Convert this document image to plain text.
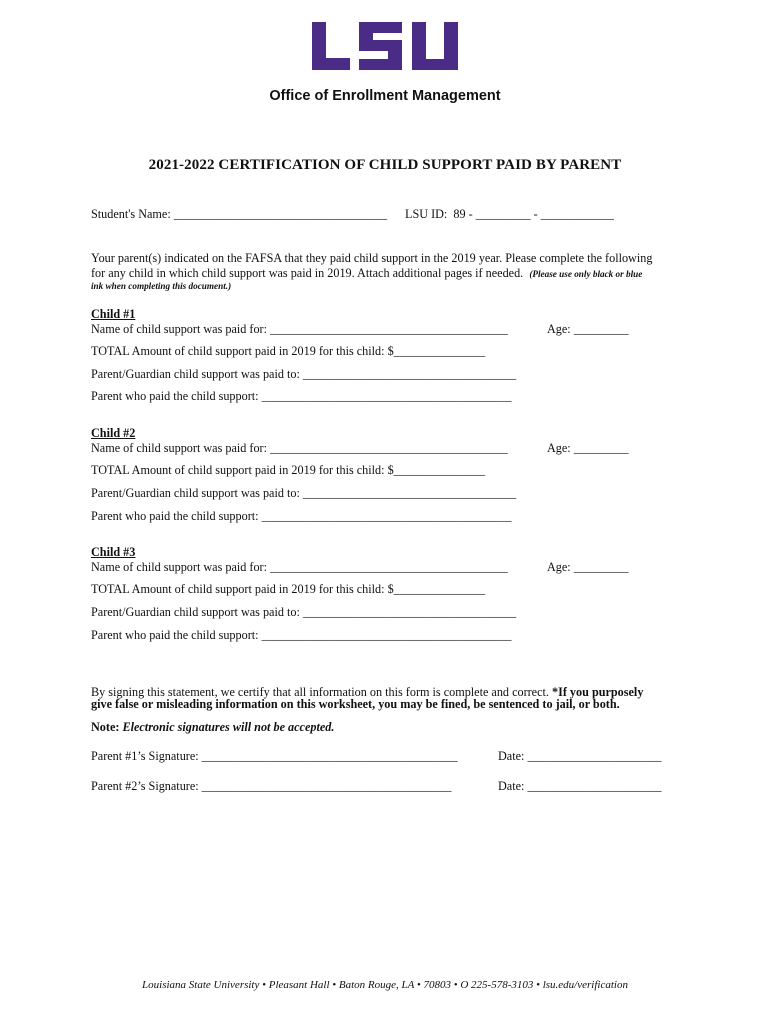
Office of Enrollment Management
2021-2022 CERTIFICATION OF CHILD SUPPORT PAID BY PARENT
Student's Name: ___________________________________ LSU ID: 89 - _________ - ____________
Your parent(s) indicated on the FAFSA that they paid child support in the 2019 year. Please complete the following
for any child in which child support was paid in 2019. Attach additional pages if needed. (Please use only black or blue
ink when completing this document.)
Child #1
Name of child support was paid for: _______________________________________	Age: _________
TOTAL Amount of child support paid in 2019 for this child: $_______________
Parent/Guardian child support was paid to: ___________________________________
Parent who paid the child support: _________________________________________
Child #2
Name of child support was paid for: _______________________________________	Age: _________
TOTAL Amount of child support paid in 2019 for this child: $_______________
Parent/Guardian child support was paid to: ___________________________________
Parent who paid the child support: _________________________________________
Child #3
Name of child support was paid for: _______________________________________	Age: _________
TOTAL Amount of child support paid in 2019 for this child: $_______________
Parent/Guardian child support was paid to: ___________________________________
Parent who paid the child support: _________________________________________
By signing this statement, we certify that all information on this form is complete and correct. *If you purposely
give false or misleading information on this worksheet, you may be fined, be sentenced to jail, or both.
Note: Electronic signatures will not be accepted.
Parent #1’s Signature: __________________________________________	Date: ______________________
Parent #2’s Signature: _________________________________________	Date: ______________________
Louisiana State University • Pleasant Hall • Baton Rouge, LA • 70803 • O 225-578-3103 • lsu.edu/verification
